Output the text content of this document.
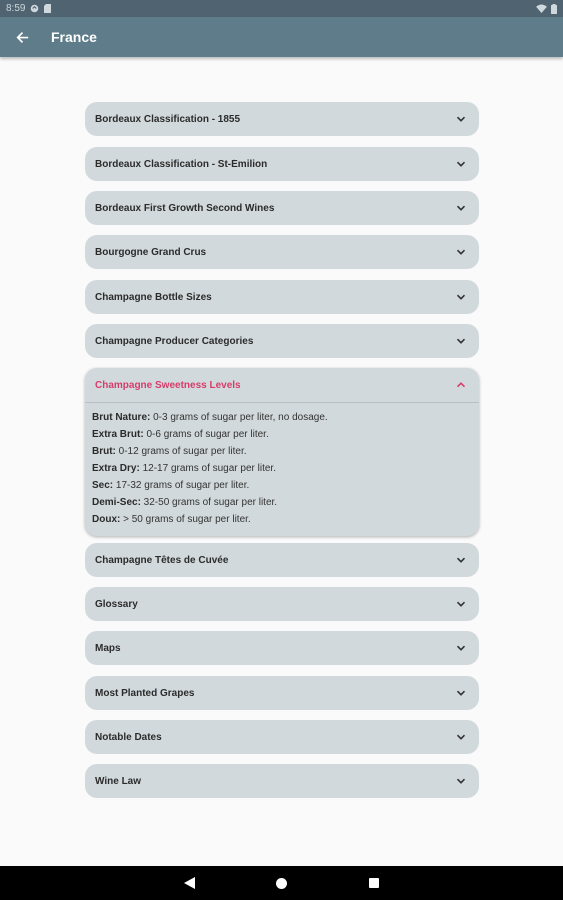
8:59
France
Bordeaux Classification - 1855
Bordeaux Classification - St-Émilion
Bordeaux First Growth Second Wines
Bourgogne Grand Crus
Champagne Bottle Sizes
Champagne Producer Categories
Champagne Sweetness Levels
Brut Nature: 0-3 grams of sugar per liter, no dosage.
Extra Brut: 0-6 grams of sugar per liter.
Brut: 0-12 grams of sugar per liter.
Extra Dry: 12-17 grams of sugar per liter.
Sec: 17-32 grams of sugar per liter.
Demi-Sec: 32-50 grams of sugar per liter.
Doux: > 50 grams of sugar per liter.
Champagne Têtes de Cuvée
Glossary
Maps
Most Planted Grapes
Notable Dates
Wine Law
